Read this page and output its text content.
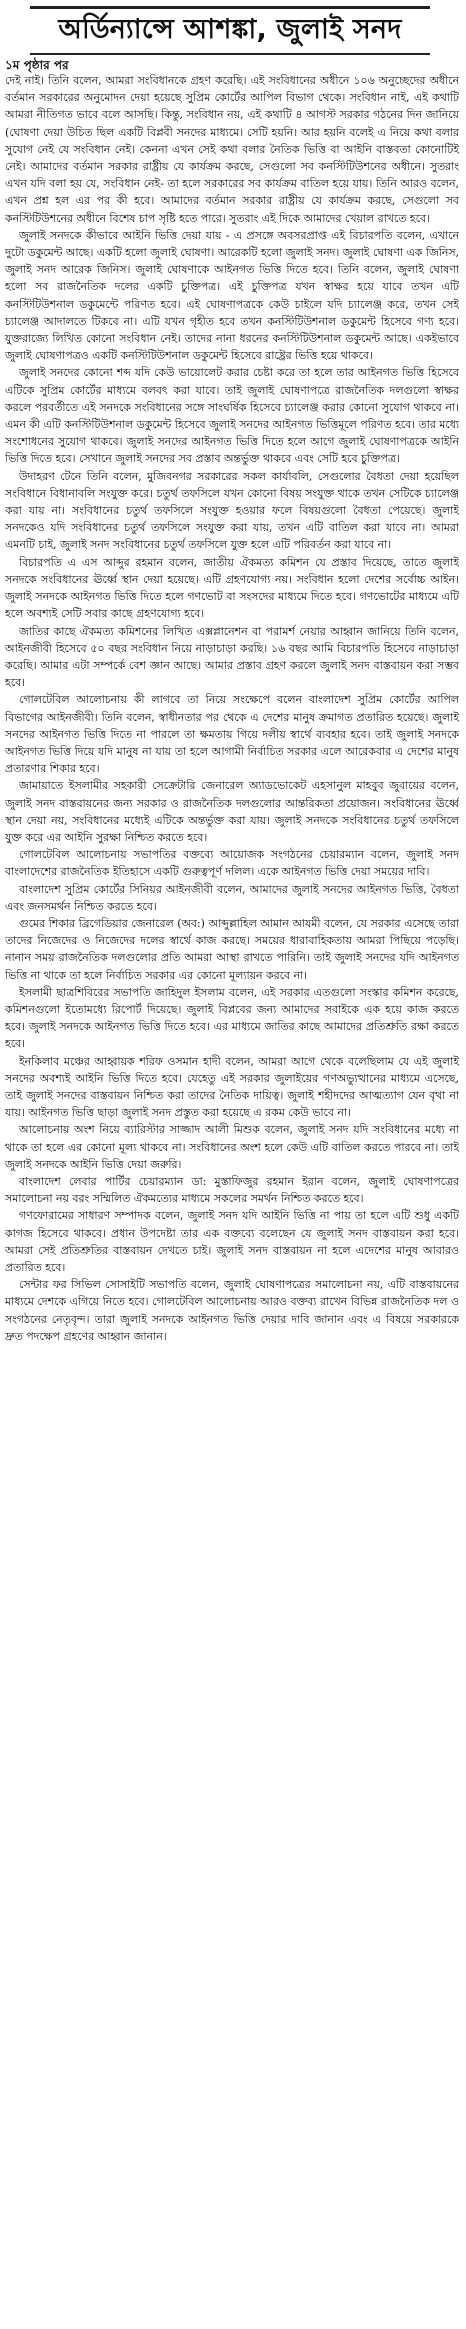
অর্ডিন্যান্সে আশঙ্কা, জুলাই সনদ
১ম পৃষ্ঠার পর

দেই নাই। তিনি বলেন, আমরা সংবিধানকে গ্রহণ করেছি। এই সংবিধানের অধীনে ১০৬ অনুচ্ছেদের অধীনে বর্তমান সরকারের অনুমোদন দেয়া হয়েছে সুপ্রিম কোর্টের আপিল বিভাগ থেকে। সংবিধান নাই, এই কথাটি আমরা নীতিগত ভাবে বলে আসছি। কিন্তু, সংবিধান নয়, এই কথাটি ৪ আগস্ট সরকার গঠনের দিন জানিয়ে (ঘোষণা দেয়া উচিত ছিল একটি বিপ্লবী সনদের মাধ্যমে। সেটি হয়নি। আর হয়নি বলেই এ নিয়ে কথা বলার সুযোগ নেই যে সংবিধান নেই। কেননা এখন সেই কথা বলার নৈতিক ভিত্তি বা আইনি বাস্তবতা কোনোটিই নেই। আমাদের বর্তমান সরকার রাষ্ট্রীয় যে কার্যক্রম করছে, সেগুলো সব কনস্টিটিউশনের অধীনে। সুতরাং এখন যদি বলা হয় যে, সংবিধান নেই- তা হলে সরকারের সব কার্যক্রম বাতিল হয়ে যায়। তিনি আরও বলেন, এখন প্রশ্ন হল এর পর কী হবে। আমাদের বর্তমান সরকার রাষ্ট্রীয় যে কার্যক্রম করছে, সেগুলো সব কনস্টিটিউশনের অধীনে বিশেষ চাপ সৃষ্টি হতে পারে। সুতরাং এই দিকে আমাদের খেয়াল রাখতে হবে।

জুলাই সনদকে কীভাবে আইনি ভিত্তি দেয়া যায় - এ প্রসঙ্গে অবসরপ্রাপ্ত এই বিচারপতি বলেন, এখানে দুটো ডকুমেন্ট আছে। একটি হলো জুলাই ঘোষণা। আরেকটি হলো জুলাই সনদ। জুলাই ঘোষণা এক জিনিস, জুলাই সনদ আরেক জিনিস। জুলাই ঘোষণাকে আইনগত ভিত্তি দিতে হবে। তিনি বলেন, জুলাই ঘোষণা হলো সব রাজনৈতিক দলের একটি চুক্তিপত্র। এই চুক্তিপত্র যখন স্বাক্ষর হয়ে যাবে তখন এটি কনস্টিটিউশনাল ডকুমেন্টে পরিণত হবে। এই ঘোষণাপত্রকে কেউ চাইলে যদি চ্যালেঞ্জ করে, তখন সেই চ্যালেঞ্জ আদালতে টিকবে না। এটি যখন গৃহীত হবে তখন কনস্টিটিউশনাল ডকুমেন্ট হিসেবে গণ্য হবে। যুক্তরাজ্যে লিখিত কোনো সংবিধান নেই। তাদের নানা ধরনের কনস্টিটিউশনাল ডকুমেন্ট আছে। একইভাবে জুলাই ঘোষণাপত্রও একটি কনস্টিটিউশনাল ডকুমেন্ট হিসেবে রাষ্ট্রের ভিত্তি হয়ে থাকবে।

জুলাই সনদের কোনো শব্দ যদি কেউ ভায়োলেট করার চেষ্টা করে তা হলে তার আইনগত ভিত্তি হিসেবে এটিকে সুপ্রিম কোর্টের মাধ্যমে বলবৎ করা যাবে। তাই জুলাই ঘোষণাপত্রে রাজনৈতিক দলগুলো স্বাক্ষর করলে পরবর্তীতে এই সনদকে সংবিধানের সঙ্গে সাংঘর্ষিক হিসেবে চ্যালেঞ্জ করার কোনো সুযোগ থাকবে না। এমন কী এটি কনস্টিটিউশনাল ডকুমেন্ট হিসেবে জুলাই সনদের আইনগত ভিত্তিমূলে পরিণত হবে। তার মধ্যে সংশোধনের সুযোগ থাকবে। জুলাই সনদের আইনগত ভিত্তি দিতে হলে আগে জুলাই ঘোষণাপত্রকে আইনি ভিত্তি দিতে হবে। সেখানে জুলাই সনদের সব প্রস্তাব অন্তর্ভুক্ত থাকবে এবং সেটি হবে চুক্তিপত্র।

উদাহরণ টেনে তিনি বলেন, মুজিবনগর সরকারের সকল কার্যাবলি, সেগুলোর বৈধতা দেয়া হয়েছিল সংবিধানে বিধানাবলি সংযুক্ত করে। চতুর্থ তফসিলে যখন কোনো বিষয় সংযুক্ত থাকে তখন সেটিকে চ্যালেঞ্জ করা যায় না। সংবিধানের চতুর্থ তফসিলে সংযুক্ত হওয়ার ফলে বিষয়গুলো বৈধতা পেয়েছে। জুলাই সনদকেও যদি সংবিধানের চতুর্থ তফসিলে সংযুক্ত করা যায়, তখন এটি বাতিল করা যাবে না। আমরা এমনটি চাই, জুলাই সনদ সংবিধানের চতুর্থ তফসিলে যুক্ত হলে এটি পরিবর্তন করা যাবে না।

বিচারপতি এ এস আব্দুর রহমান বলেন, জাতীয় ঐকমত্য কমিশন যে প্রস্তাব দিয়েছে, তাতে জুলাই সনদকে সংবিধানের ঊর্ধ্বে স্থান দেয়া হয়েছে। এটি গ্রহণযোগ্য নয়। সংবিধান হলো দেশের সর্বোচ্চ আইন। জুলাই সনদকে আইনগত ভিত্তি দিতে হলে গণভোট বা সংসদের মাধ্যমে দিতে হবে। গণভোটের মাধ্যমে এটি হলে অবশ্যই সেটি সবার কাছে গ্রহণযোগ্য হবে।

জাতির কাছে ঐকমত্য কমিশনের লিখিত এক্সপ্লানেশন বা পরামর্শ নেয়ার আহ্বান জানিয়ে তিনি বলেন, আইনজীবী হিসেবে ৫০ বছর সংবিধান নিয়ে নাড়াচাড়া করছি। ১৬ বছর আমি বিচারপতি হিসেবে নাড়াচাড়া করেছি। আমার এটা সম্পর্কে বেশ জ্ঞান আছে। আমার প্রস্তাব গ্রহণ করলে জুলাই সনদ বাস্তবায়ন করা সম্ভব হবে।

গোলটেবিল আলোচনায় কী লাগবে তা নিয়ে সংক্ষেপে বলেন বাংলাদেশ সুপ্রিম কোর্টের আপিল বিভাগের আইনজীবী। তিনি বলেন, স্বাধীনতার পর থেকে এ দেশের মানুষ ক্রমাগত প্রতারিত হয়েছে। জুলাই সনদের আইনগত ভিত্তি দিতে না পারলে তা ক্ষমতায় গিয়ে দলীয় স্বার্থে ব্যবহার হবে। তাই জুলাই সনদকে আইনগত ভিত্তি দিয়ে যদি মানুষ না যায় তা হলে আগামী নির্বাচিত সরকার এলে আরেকবার এ দেশের মানুষ প্রতারণার শিকার হবে।

জামায়াতে ইসলামীর সহকারী সেক্রেটারি জেনারেল অ্যাডভোকেট এহসানুল মাহবুব জুবায়ের বলেন, জুলাই সনদ বাস্তবায়নের জন্য সরকার ও রাজনৈতিক দলগুলোর আন্তরিকতা প্রয়োজন। সংবিধানের ঊর্ধ্বে স্থান দেয়া নয়, সংবিধানের মধ্যেই এটিকে অন্তর্ভুক্ত করা যায়। জুলাই সনদকে সংবিধানের চতুর্থ তফসিলে যুক্ত করে এর আইনি সুরক্ষা নিশ্চিত করতে হবে।

গোলটেবিল আলোচনায় সভাপতির বক্তব্যে আয়োজক সংগঠনের চেয়ারম্যান বলেন, জুলাই সনদ বাংলাদেশের রাজনৈতিক ইতিহাসে একটি গুরুত্বপূর্ণ দলিল। একে আইনগত ভিত্তি দেয়া সময়ের দাবি।

বাংলাদেশ সুপ্রিম কোর্টের সিনিয়র আইনজীবী বলেন, আমাদের জুলাই সনদের আইনগত ভিত্তি, বৈধতা এবং জনসমর্থন নিশ্চিত করতে হবে।

গুমের শিকার ব্রিগেডিয়ার জেনারেল (অব:) আব্দুল্লাহিল আমান আযমী বলেন, যে সরকার এসেছে তারা তাদের নিজেদের ও নিজেদের দলের স্বার্থে কাজ করছে। সময়ের ধারাবাহিকতায় আমরা পিছিয়ে পড়েছি। নানান সময় রাজনৈতিক দলগুলোর প্রতি আমরা আস্থা রাখতে পারিনি। তাই জুলাই সনদের যদি আইনগত ভিত্তি না থাকে তা হলে নির্বাচিত সরকার এর কোনো মূল্যায়ন করবে না।

ইসলামী ছাত্রশিবিরের সভাপতি জাহিদুল ইসলাম বলেন, এই সরকার এতগুলো সংস্কার কমিশন করেছে, কমিশনগুলো ইতোমধ্যে রিপোর্ট দিয়েছে। জুলাই বিপ্লবের জন্য আমাদের সবাইকে এক হয়ে কাজ করতে হবে। জুলাই সনদকে আইনগত ভিত্তি দিতে হবে। এর মাধ্যমে জাতির কাছে আমাদের প্রতিশ্রুতি রক্ষা করতে হবে।

ইনকিলাব মঞ্চের আহ্বায়ক শরিফ ওসমান হাদী বলেন, আমরা আগে থেকে বলেছিলাম যে এই জুলাই সনদের অবশ্যই আইনি ভিত্তি দিতে হবে। যেহেতু এই সরকার জুলাইয়ের গণঅভ্যুত্থানের মাধ্যমে এসেছে, তাই জুলাই সনদের বাস্তবায়ন নিশ্চিত করা তাদের নৈতিক দায়িত্ব। জুলাই শহীদদের আত্মত্যাগ যেন বৃথা না যায়। আইনগত ভিত্তি ছাড়া জুলাই সনদ প্রস্তুত করা হয়েছে এ রকম কেউ ভাবে না।

আলোচনায় অংশ নিয়ে ব্যারিস্টার সাজ্জাদ আলী মিশুক বলেন, জুলাই সনদ যদি সংবিধানের মধ্যে না থাকে তা হলে এর কোনো মূল্য থাকবে না। সংবিধানের অংশ হলে কেউ এটি বাতিল করতে পারবে না। তাই জুলাই সনদকে আইনি ভিত্তি দেয়া জরুরি।

বাংলাদেশ লেবার পার্টির চেয়ারম্যান ডা: মুস্তাফিজুর রহমান ইরান বলেন, জুলাই ঘোষণাপত্রের সমালোচনা নয় বরং সম্মিলিত ঐকমত্যের মাধ্যমে সকলের সমর্থন নিশ্চিত করতে হবে।

গণফোরামের সাধারণ সম্পাদক বলেন, জুলাই সনদ যদি আইনি ভিত্তি না পায় তা হলে এটি শুধু একটি কাগজ হিসেবে থাকবে। প্রধান উপদেষ্টা তার এক বক্তব্যে বলেছেন যে জুলাই সনদ বাস্তবায়ন করা হবে। আমরা সেই প্রতিশ্রুতির বাস্তবায়ন দেখতে চাই। জুলাই সনদ বাস্তবায়ন না হলে এদেশের মানুষ আবারও প্রতারিত হবে।

সেন্টার ফর সিভিল সোসাইটি সভাপতি বলেন, জুলাই ঘোষণাপত্রের সমালোচনা নয়, এটি বাস্তবায়নের মাধ্যমে দেশকে এগিয়ে নিতে হবে। গোলটেবিল আলোচনায় আরও বক্তব্য রাখেন বিভিন্ন রাজনৈতিক দল ও সংগঠনের নেতৃবৃন্দ। তারা জুলাই সনদকে আইনগত ভিত্তি দেয়ার দাবি জানান এবং এ বিষয়ে সরকারকে দ্রুত পদক্ষেপ গ্রহণের আহ্বান জানান।
